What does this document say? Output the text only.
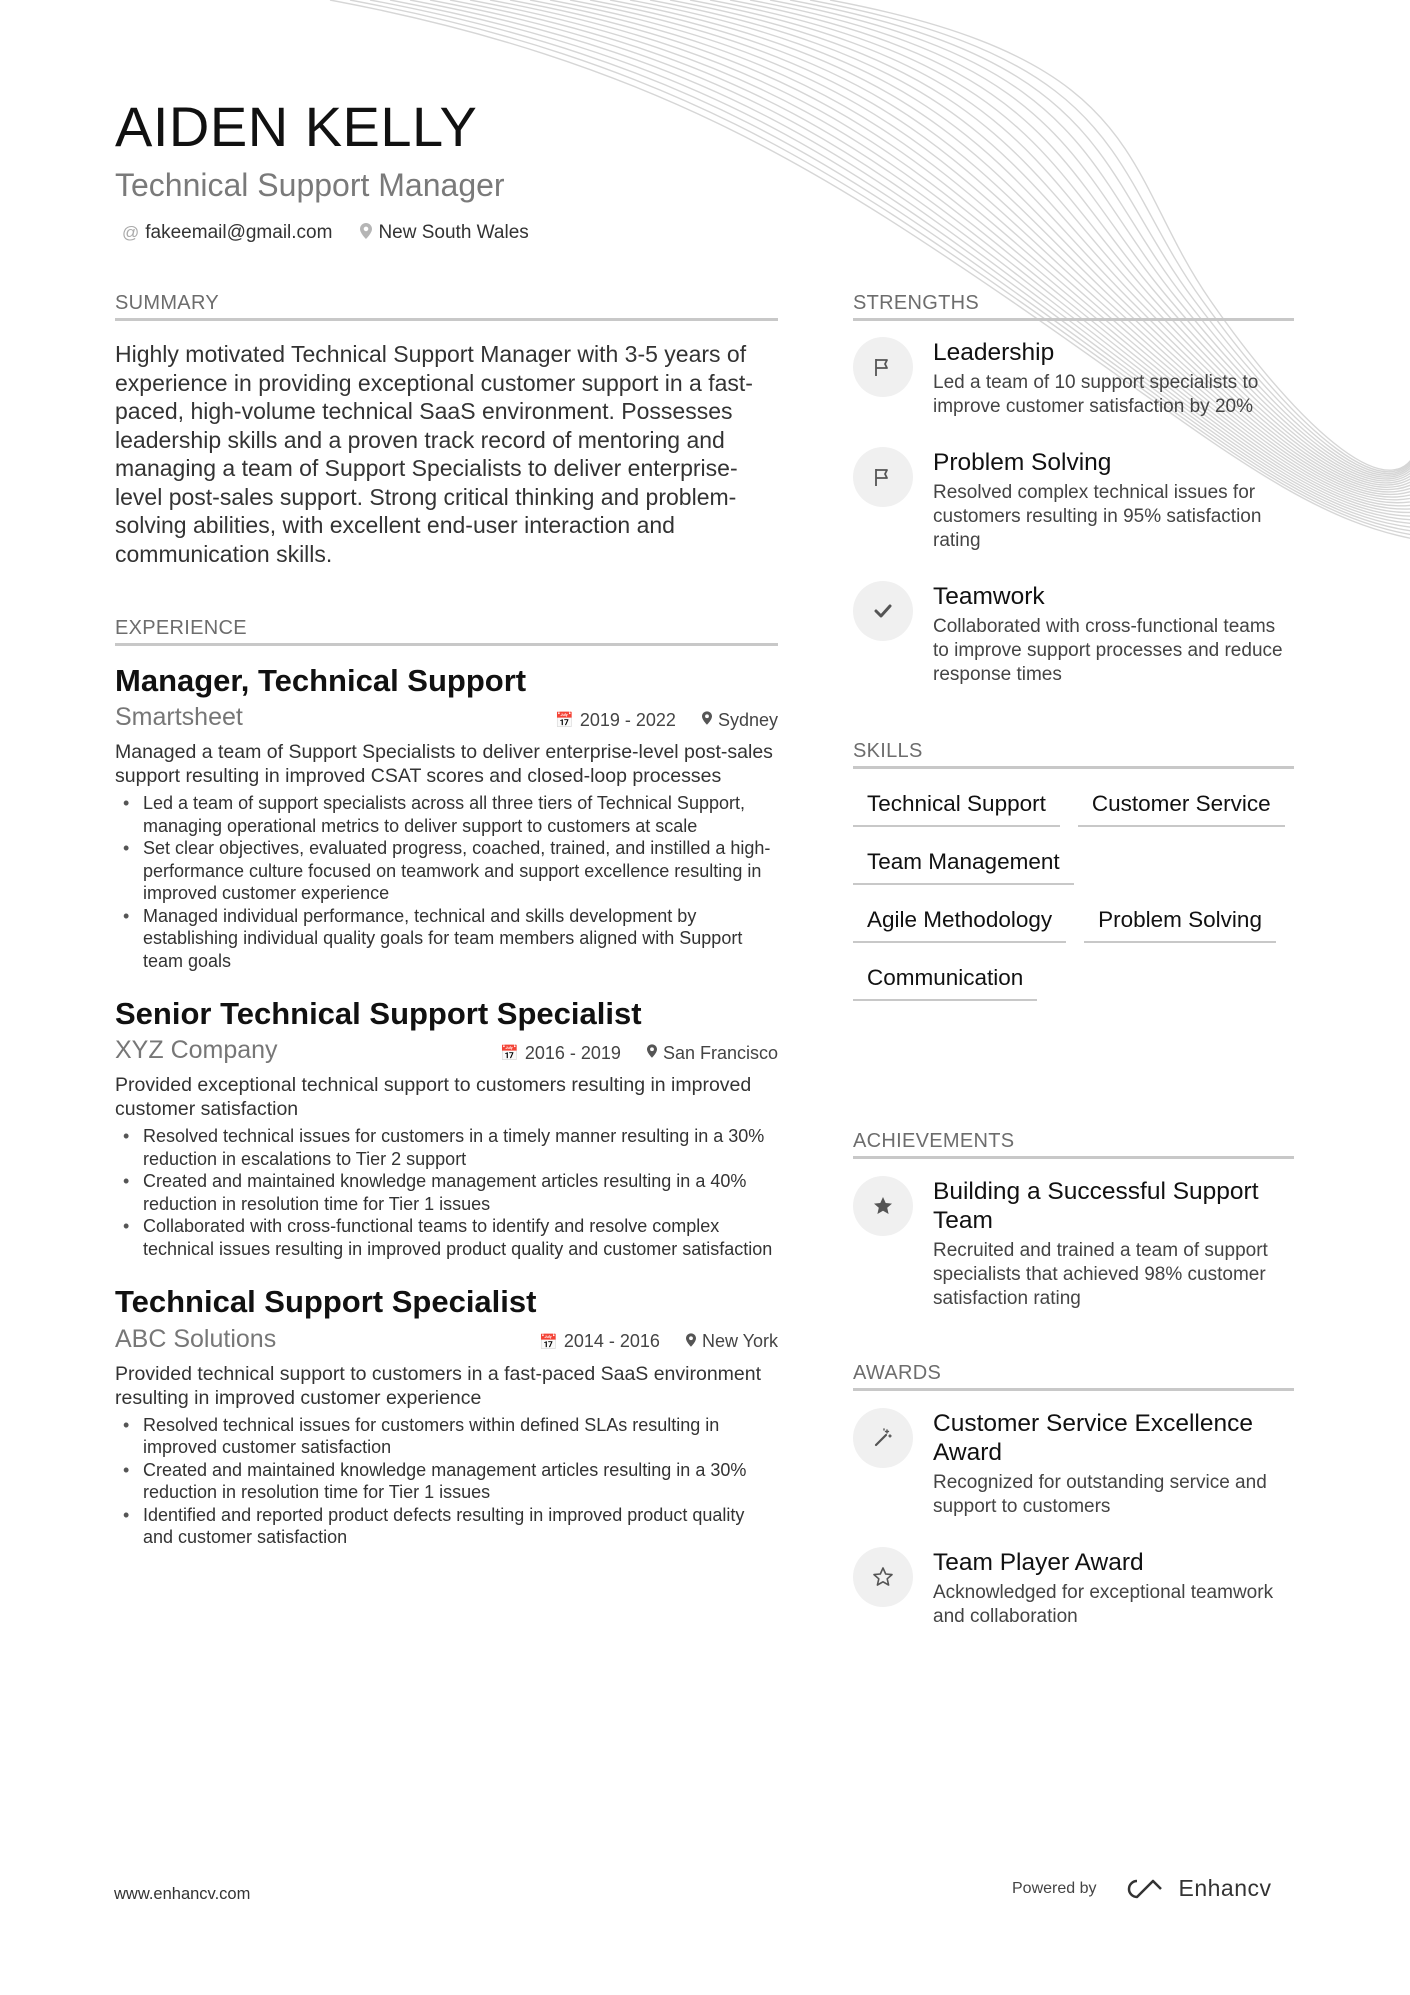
AIDEN KELLY
Technical Support Manager
@ fakeemail@gmail.com New South Wales
SUMMARY

Highly motivated Technical Support Manager with 3-5 years of experience in providing exceptional customer support in a fast-paced, high-volume technical SaaS environment. Possesses leadership skills and a proven track record of mentoring and managing a team of Support Specialists to deliver enterprise-level post-sales support. Strong critical thinking and problem-solving abilities, with excellent end-user interaction and communication skills.

EXPERIENCE
Manager, Technical Support
Smartsheet	📅 2019 - 2022 Sydney

Managed a team of Support Specialists to deliver enterprise-level post-sales support resulting in improved CSAT scores and closed-loop processes

• Led a team of support specialists across all three tiers of Technical Support, managing operational metrics to deliver support to customers at scale
• Set clear objectives, evaluated progress, coached, trained, and instilled a high-performance culture focused on teamwork and support excellence resulting in improved customer experience
• Managed individual performance, technical and skills development by establishing individual quality goals for team members aligned with Support team goals
Senior Technical Support Specialist
XYZ Company	📅 2016 - 2019 San Francisco

Provided exceptional technical support to customers resulting in improved customer satisfaction

• Resolved technical issues for customers in a timely manner resulting in a 30% reduction in escalations to Tier 2 support
• Created and maintained knowledge management articles resulting in a 40% reduction in resolution time for Tier 1 issues
• Collaborated with cross-functional teams to identify and resolve complex technical issues resulting in improved product quality and customer satisfaction
Technical Support Specialist
ABC Solutions	📅 2014 - 2016 New York

Provided technical support to customers in a fast-paced SaaS environment resulting in improved customer experience

• Resolved technical issues for customers within defined SLAs resulting in improved customer satisfaction
• Created and maintained knowledge management articles resulting in a 30% reduction in resolution time for Tier 1 issues
• Identified and reported product defects resulting in improved product quality and customer satisfaction
STRENGTHS
Leadership

Led a team of 10 support specialists to improve customer satisfaction by 20%

Problem Solving

Resolved complex technical issues for customers resulting in 95% satisfaction rating

Teamwork

Collaborated with cross-functional teams to improve support processes and reduce response times

SKILLS
Technical Support	Customer Service
Team Management
Agile Methodology	Problem Solving
Communication
ACHIEVEMENTS
Building a Successful Support Team

Recruited and trained a team of support specialists that achieved 98% customer satisfaction rating

AWARDS
Customer Service Excellence Award

Recognized for outstanding service and support to customers

Team Player Award

Acknowledged for exceptional teamwork and collaboration

www.enhancv.com	Powered by	Enhancv
